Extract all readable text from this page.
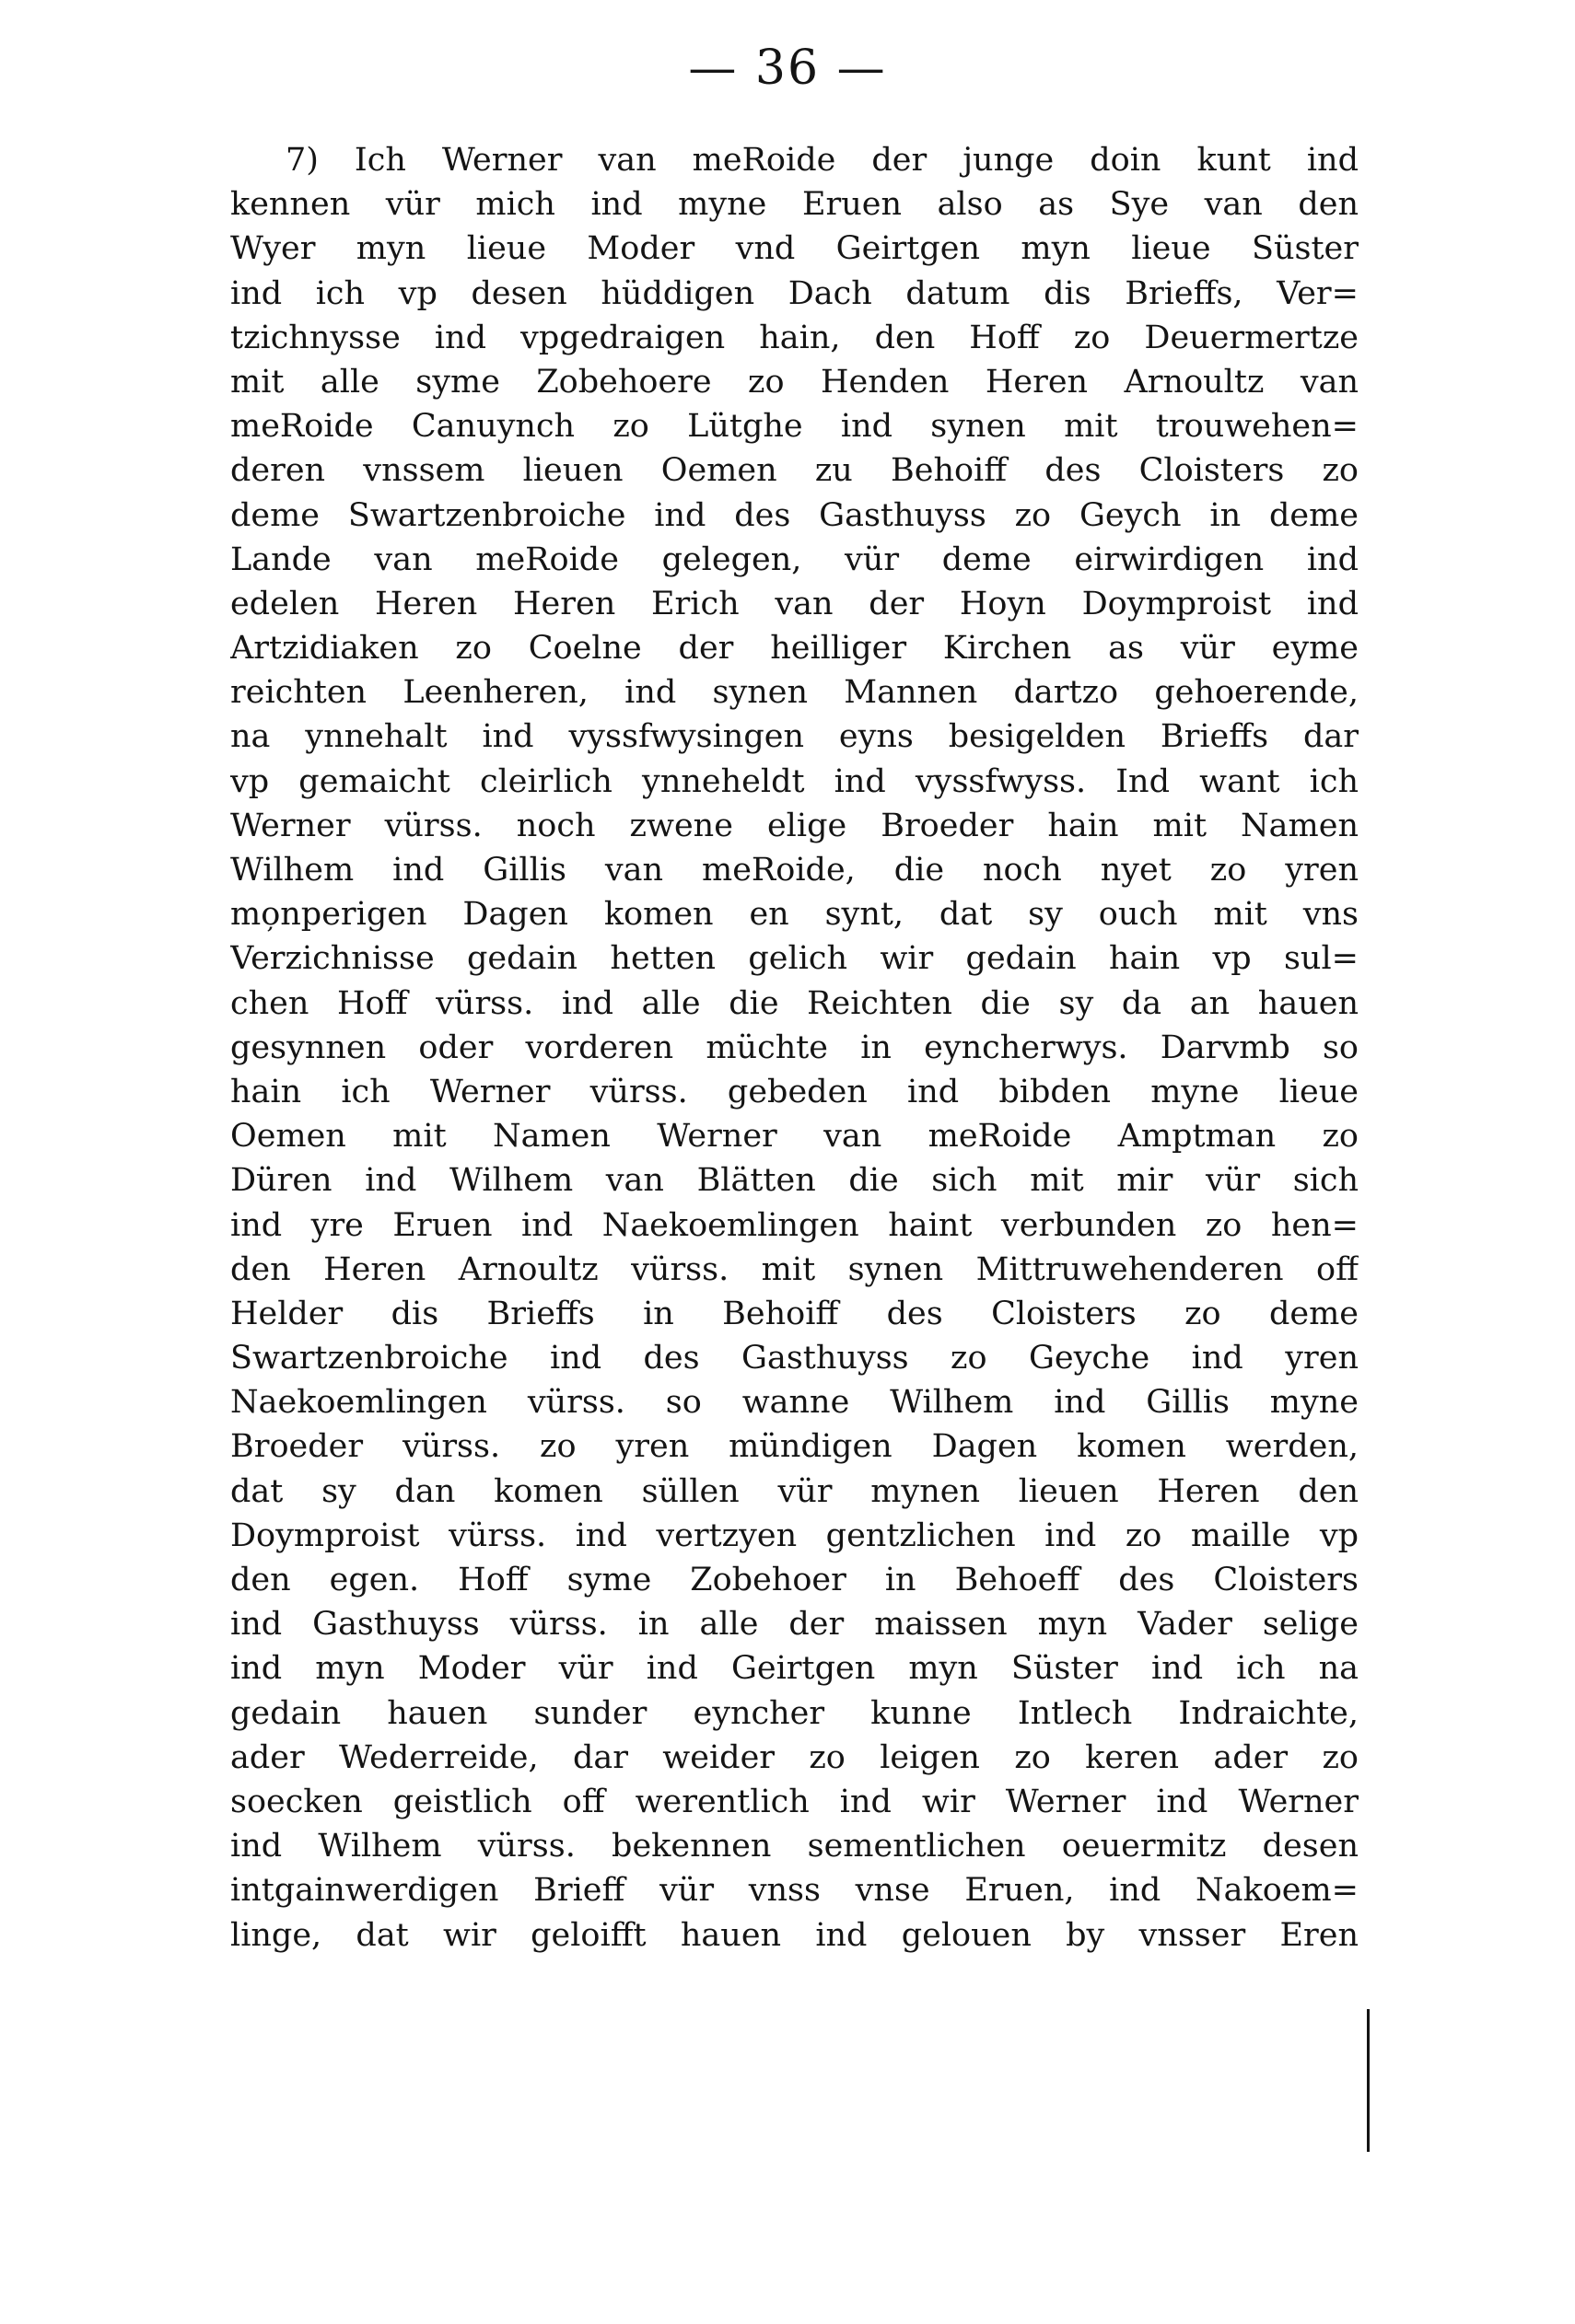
— 36 —
7) Ich Werner van meRoide der junge doin kunt ind
kennen vür mich ind myne Eruen also as Sye van den
Wyer myn lieue Moder vnd Geirtgen myn lieue Süster
ind ich vp desen hüddigen Dach datum dis Brieffs, Ver=
tzichnysse ind vpgedraigen hain, den Hoff zo Deuermertze
mit alle syme Zobehoere zo Henden Heren Arnoultz van
meRoide Canuynch zo Lütghe ind synen mit trouwehen=
deren vnssem lieuen Oemen zu Behoiff des Cloisters zo
deme Swartzenbroiche ind des Gasthuyss zo Geych in deme
Lande van meRoide gelegen, vür deme eirwirdigen ind
edelen Heren Heren Erich van der Hoyn Doymproist ind
Artzidiaken zo Coelne der heilliger Kirchen as vür eyme
reichten Leenheren, ind synen Mannen dartzo gehoerende,
na ynnehalt ind vyssfwysingen eyns besigelden Brieffs dar
vp gemaicht cleirlich ynneheldt ind vyssfwyss. Ind want ich
Werner vürss. noch zwene elige Broeder hain mit Namen
Wilhem ind Gillis van meRoide, die noch nyet zo yren
mo̦nperigen Dagen komen en synt, dat sy ouch mit vns
Verzichnisse gedain hetten gelich wir gedain hain vp sul=
chen Hoff vürss. ind alle die Reichten die sy da an hauen
gesynnen oder vorderen müchte in eyncherwys. Darvmb so
hain ich Werner vürss. gebeden ind bibden myne lieue
Oemen mit Namen Werner van meRoide Amptman zo
Düren ind Wilhem van Blätten die sich mit mir vür sich
ind yre Eruen ind Naekoemlingen haint verbunden zo hen=
den Heren Arnoultz vürss. mit synen Mittruwehenderen off
Helder dis Brieffs in Behoiff des Cloisters zo deme
Swartzenbroiche ind des Gasthuyss zo Geyche ind yren
Naekoemlingen vürss. so wanne Wilhem ind Gillis myne
Broeder vürss. zo yren mündigen Dagen komen werden,
dat sy dan komen süllen vür mynen lieuen Heren den
Doymproist vürss. ind vertzyen gentzlichen ind zo maille vp
den egen. Hoff syme Zobehoer in Behoeff des Cloisters
ind Gasthuyss vürss. in alle der maissen myn Vader selige
ind myn Moder vür ind Geirtgen myn Süster ind ich na
gedain hauen sunder eyncher kunne Intlech Indraichte,
ader Wederreide, dar weider zo leigen zo keren ader zo
soecken geistlich off werentlich ind wir Werner ind Werner
ind Wilhem vürss. bekennen sementlichen oeuermitz desen
intgainwerdigen Brieff vür vnss vnse Eruen, ind Nakoem=
linge, dat wir geloifft hauen ind gelouen by vnsser Eren
